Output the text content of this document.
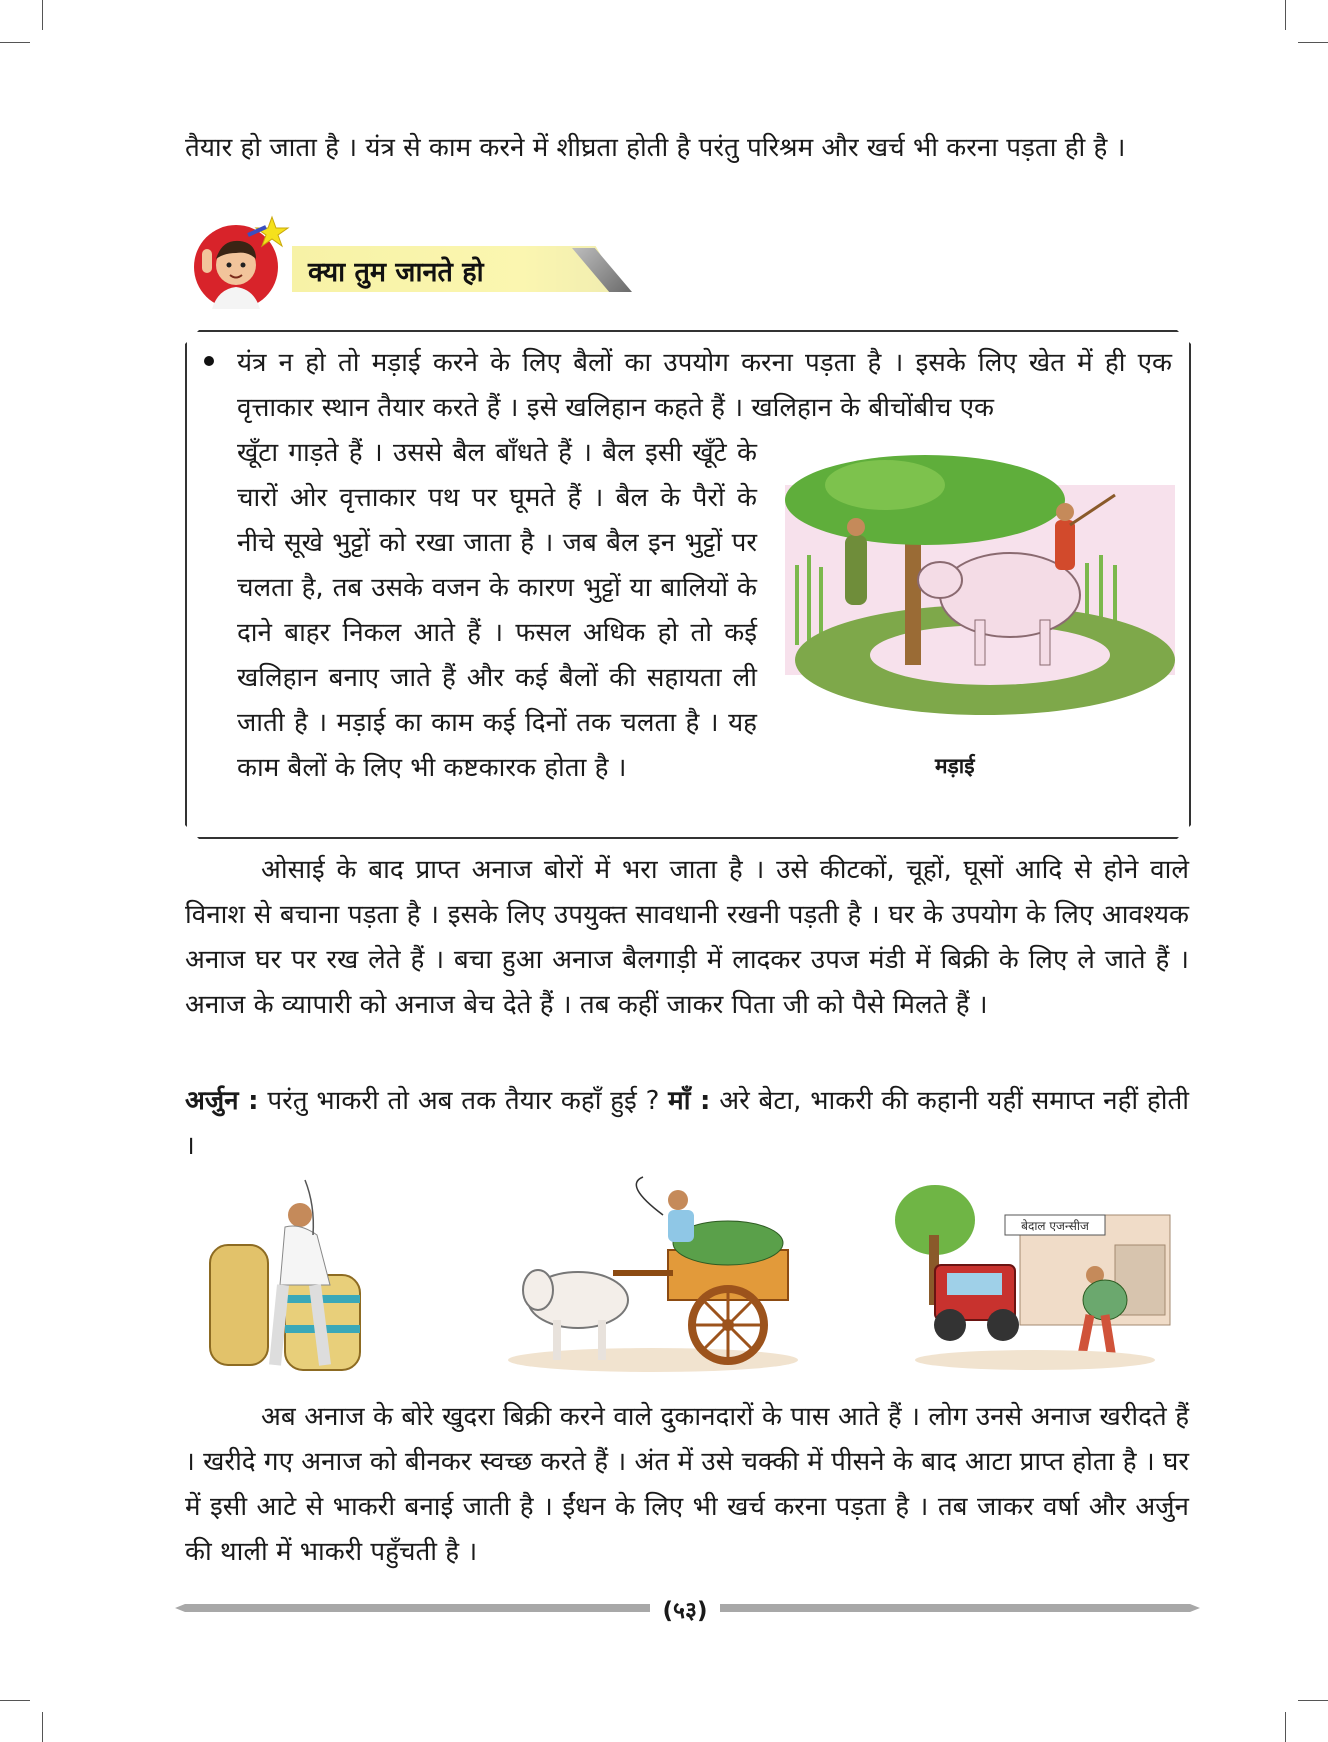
तैयार हो जाता है । यंत्र से काम करने में शीघ्रता होती है परंतु परिश्रम और खर्च भी करना पड़ता ही है ।

क्या तुम जानते हो

यंत्र न हो तो मड़ाई करने के लिए बैलों का उपयोग करना पड़ता है । इसके लिए खेत में ही एक वृत्ताकार स्थान तैयार करते हैं । इसे खलिहान कहते हैं । खलिहान के बीचोंबीच एक

खूँटा गाड़ते हैं । उससे बैल बाँधते हैं । बैल इसी खूँटे के चारों ओर वृत्ताकार पथ पर घूमते हैं । बैल के पैरों के नीचे सूखे भुट्टों को रखा जाता है । जब बैल इन भुट्टों पर चलता है, तब उसके वजन के कारण भुट्टों या बालियों के दाने बाहर निकल आते हैं । फसल अधिक हो तो कई खलिहान बनाए जाते हैं और कई बैलों की सहायता ली जाती है । मड़ाई का काम कई दिनों तक चलता है । यह काम बैलों के लिए भी कष्टकारक होता है ।	मड़ाई

ओसाई के बाद प्राप्त अनाज बोरों में भरा जाता है । उसे कीटकों, चूहों, घूसों आदि से होने वाले विनाश से बचाना पड़ता है । इसके लिए उपयुक्त सावधानी रखनी पड़ती है । घर के उपयोग के लिए आवश्यक अनाज घर पर रख लेते हैं । बचा हुआ अनाज बैलगाड़ी में लादकर उपज मंडी में बिक्री के लिए ले जाते हैं । अनाज के व्यापारी को अनाज बेच देते हैं । तब कहीं जाकर पिता जी को पैसे मिलते हैं ।

अर्जुन : परंतु भाकरी तो अब तक तैयार कहाँ हुई ? माँ : अरे बेटा, भाकरी की कहानी यहीं समाप्त नहीं होती ।

बेदाल एजन्सीज

अब अनाज के बोरे खुदरा बिक्री करने वाले दुकानदारों के पास आते हैं । लोग उनसे अनाज खरीदते हैं । खरीदे गए अनाज को बीनकर स्वच्छ करते हैं । अंत में उसे चक्की में पीसने के बाद आटा प्राप्त होता है । घर में इसी आटे से भाकरी बनाई जाती है । ईंधन के लिए भी खर्च करना पड़ता है । तब जाकर वर्षा और अर्जुन की थाली में भाकरी पहुँचती है ।

(५३)
